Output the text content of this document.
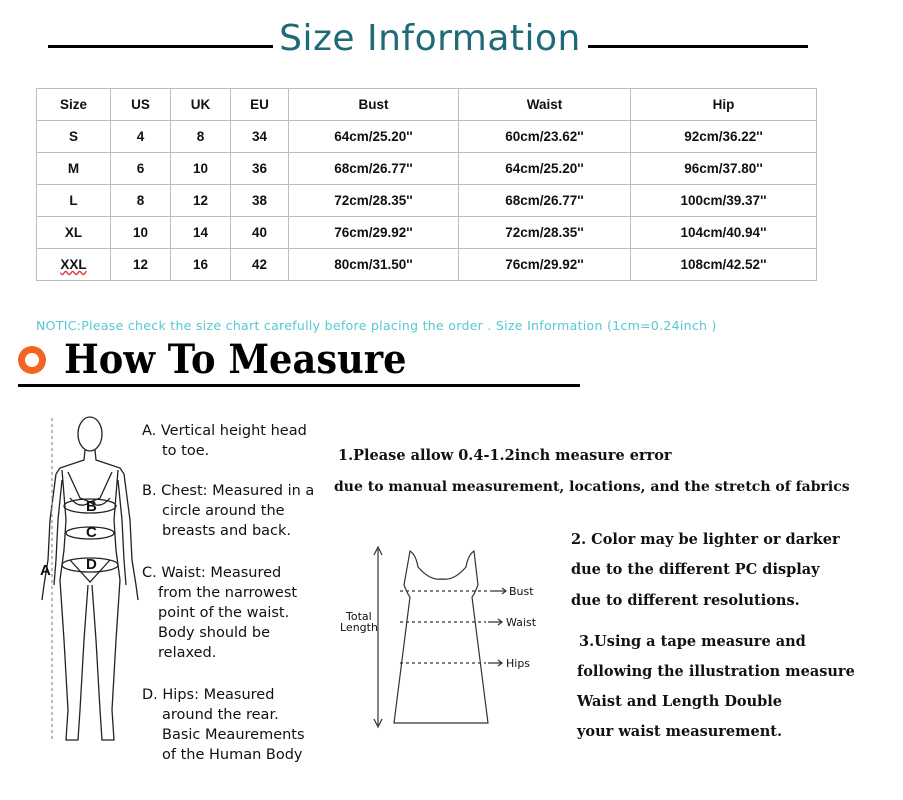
Size Information
Size	US	UK	EU	Bust	Waist	Hip
S	4	8	34	64cm/25.20''	60cm/23.62''	92cm/36.22''
M	6	10	36	68cm/26.77''	64cm/25.20''	96cm/37.80''
L	8	12	38	72cm/28.35''	68cm/26.77''	100cm/39.37''
XL	10	14	40	76cm/29.92''	72cm/28.35''	104cm/40.94''
XXL	12	16	42	80cm/31.50''	76cm/29.92''	108cm/42.52''
NOTIC:Please check the size chart carefully before placing the order . Size Information (1cm=0.24inch )
How To Measure
A
B
C
D
A. Vertical height head
to toe.
B. Chest: Measured in a
circle around the
breasts and back.
C. Waist: Measured
from the narrowest
point of the waist.
Body should be
relaxed.
D. Hips: Measured
around the rear.
Basic Meaurements
of the Human Body
Total
Length
Bust
Waist
Hips
1.Please allow 0.4-1.2inch measure error
due to manual measurement, locations, and the stretch of fabrics
2. Color may be lighter or darker
due to the different PC display
due to different resolutions.
3.Using a tape measure and
following the illustration measure
Waist and Length Double
your waist measurement.
